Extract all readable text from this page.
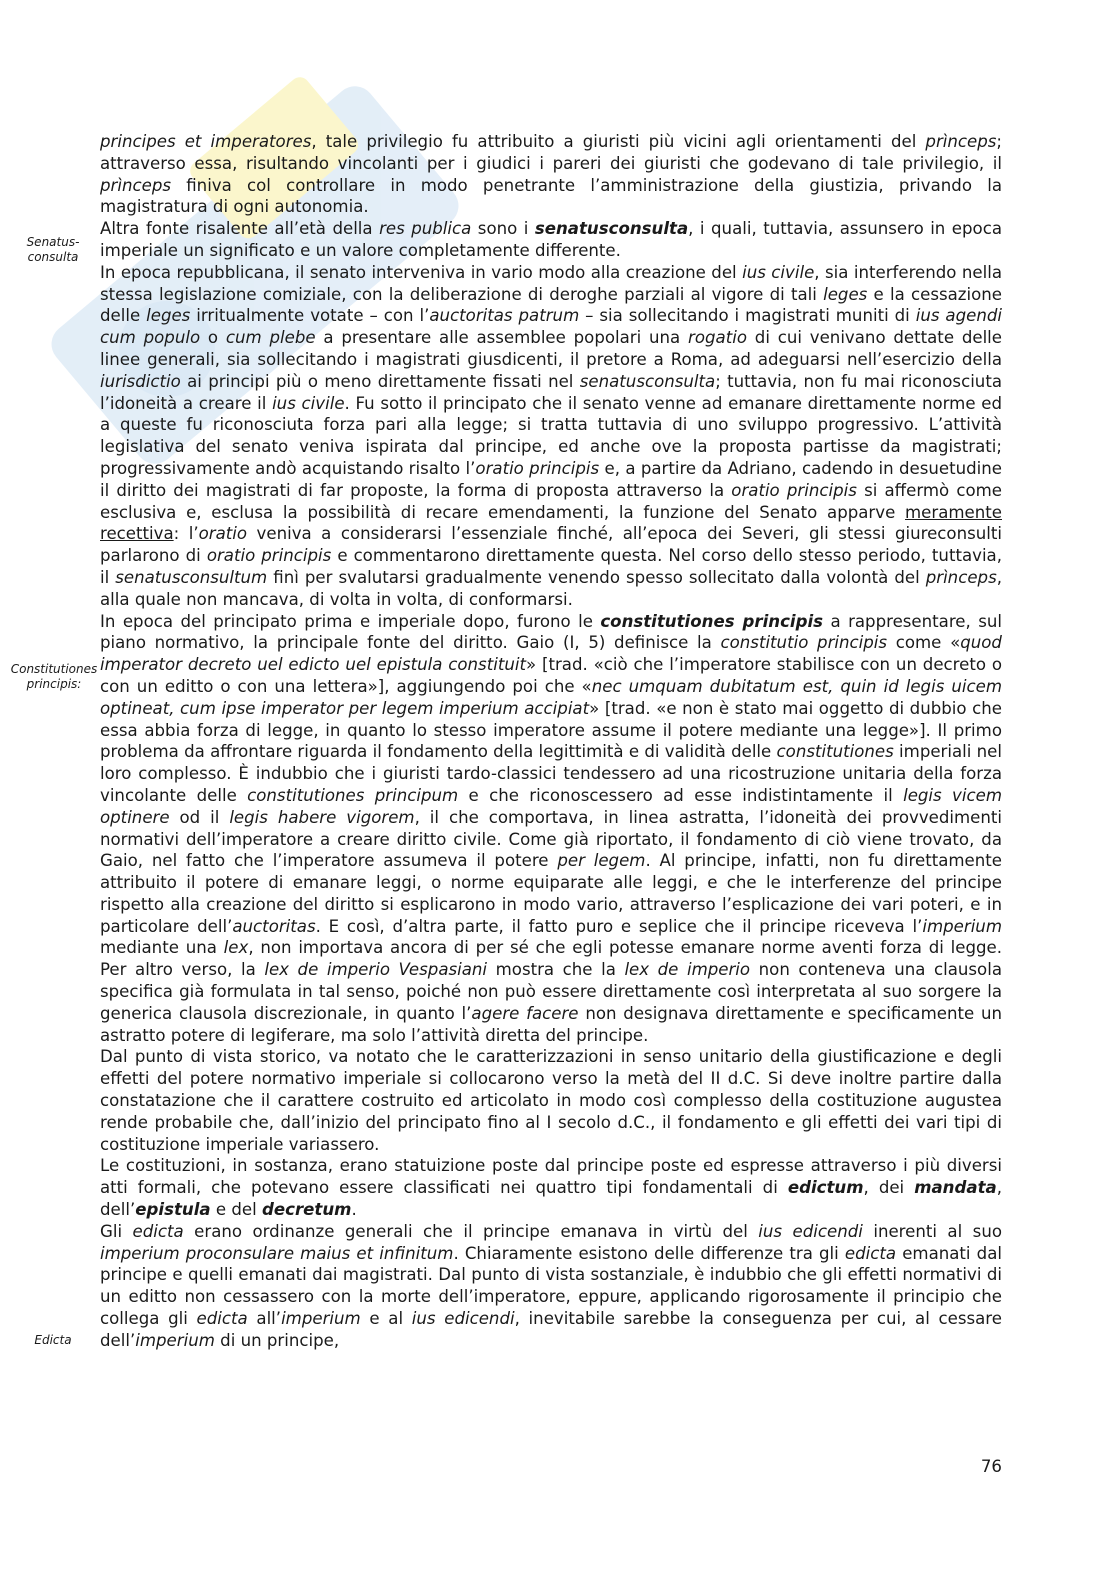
Senatus-
consulta
Constitutiones
principis:
Edicta

principes et imperatores, tale privilegio fu attribuito a giuristi più vicini agli orientamenti del prìnceps; attraverso essa, risultando vincolanti per i giudici i pareri dei giuristi che godevano di tale privilegio, il prìnceps finiva col controllare in modo penetrante l’amministrazione della giustizia, privando la magistratura di ogni autonomia.

Altra fonte risalente all’età della res publica sono i senatusconsulta, i quali, tuttavia, assunsero in epoca imperiale un significato e un valore completamente differente.

In epoca repubblicana, il senato interveniva in vario modo alla creazione del ius civile, sia interferendo nella stessa legislazione comiziale, con la deliberazione di deroghe parziali al vigore di tali leges e la cessazione delle leges irritualmente votate – con l’auctoritas patrum – sia sollecitando i magistrati muniti di ius agendi cum populo o cum plebe a presentare alle assemblee popolari una rogatio di cui venivano dettate delle linee generali, sia sollecitando i magistrati giusdicenti, il pretore a Roma, ad adeguarsi nell’esercizio della iurisdictio ai principi più o meno direttamente fissati nel senatusconsulta; tuttavia, non fu mai riconosciuta l’idoneità a creare il ius civile. Fu sotto il principato che il senato venne ad emanare direttamente norme ed a queste fu riconosciuta forza pari alla legge; si tratta tuttavia di uno sviluppo progressivo. L’attività legislativa del senato veniva ispirata dal principe, ed anche ove la proposta partisse da magistrati; progressivamente andò acquistando risalto l’oratio principis e, a partire da Adriano, cadendo in desuetudine il diritto dei magistrati di far proposte, la forma di proposta attraverso la oratio principis si affermò come esclusiva e, esclusa la possibilità di recare emendamenti, la funzione del Senato apparve meramente recettiva: l’oratio veniva a considerarsi l’essenziale finché, all’epoca dei Severi, gli stessi giureconsulti parlarono di oratio principis e commentarono direttamente questa. Nel corso dello stesso periodo, tuttavia, il senatusconsultum finì per svalutarsi gradualmente venendo spesso sollecitato dalla volontà del prìnceps, alla quale non mancava, di volta in volta, di conformarsi.

In epoca del principato prima e imperiale dopo, furono le constitutiones principis a rappresentare, sul piano normativo, la principale fonte del diritto. Gaio (I, 5) definisce la constitutio principis come «quod imperator decreto uel edicto uel epistula constituit» [trad. «ciò che l’imperatore stabilisce con un decreto o con un editto o con una lettera»], aggiungendo poi che «nec umquam dubitatum est, quin id legis uicem optineat, cum ipse imperator per legem imperium accipiat» [trad. «e non è stato mai oggetto di dubbio che essa abbia forza di legge, in quanto lo stesso imperatore assume il potere mediante una legge»]. Il primo problema da affrontare riguarda il fondamento della legittimità e di validità delle constitutiones imperiali nel loro complesso. È indubbio che i giuristi tardo-classici tendessero ad una ricostruzione unitaria della forza vincolante delle constitutiones principum e che riconoscessero ad esse indistintamente il legis vicem optinere od il legis habere vigorem, il che comportava, in linea astratta, l’idoneità dei provvedimenti normativi dell’imperatore a creare diritto civile. Come già riportato, il fondamento di ciò viene trovato, da Gaio, nel fatto che l’imperatore assumeva il potere per legem. Al principe, infatti, non fu direttamente attribuito il potere di emanare leggi, o norme equiparate alle leggi, e che le interferenze del principe rispetto alla creazione del diritto si esplicarono in modo vario, attraverso l’esplicazione dei vari poteri, e in particolare dell’auctoritas. E così, d’altra parte, il fatto puro e seplice che il principe riceveva l’imperium mediante una lex, non importava ancora di per sé che egli potesse emanare norme aventi forza di legge. Per altro verso, la lex de imperio Vespasiani mostra che la lex de imperio non conteneva una clausola specifica già formulata in tal senso, poiché non può essere direttamente così interpretata al suo sorgere la generica clausola discrezionale, in quanto l’agere facere non designava direttamente e specificamente un astratto potere di legiferare, ma solo l’attività diretta del principe.

Dal punto di vista storico, va notato che le caratterizzazioni in senso unitario della giustificazione e degli effetti del potere normativo imperiale si collocarono verso la metà del II d.C. Si deve inoltre partire dalla constatazione che il carattere costruito ed articolato in modo così complesso della costituzione augustea rende probabile che, dall’inizio del principato fino al I secolo d.C., il fondamento e gli effetti dei vari tipi di costituzione imperiale variassero.

Le costituzioni, in sostanza, erano statuizione poste dal principe poste ed espresse attraverso i più diversi atti formali, che potevano essere classificati nei quattro tipi fondamentali di edictum, dei mandata, dell’epistula e del decretum.

Gli edicta erano ordinanze generali che il principe emanava in virtù del ius edicendi inerenti al suo imperium proconsulare maius et infinitum. Chiaramente esistono delle differenze tra gli edicta emanati dal principe e quelli emanati dai magistrati. Dal punto di vista sostanziale, è indubbio che gli effetti normativi di un editto non cessassero con la morte dell’imperatore, eppure, applicando rigorosamente il principio che collega gli edicta all’imperium e al ius edicendi, inevitabile sarebbe la conseguenza per cui, al cessare dell’imperium di un principe,

76
